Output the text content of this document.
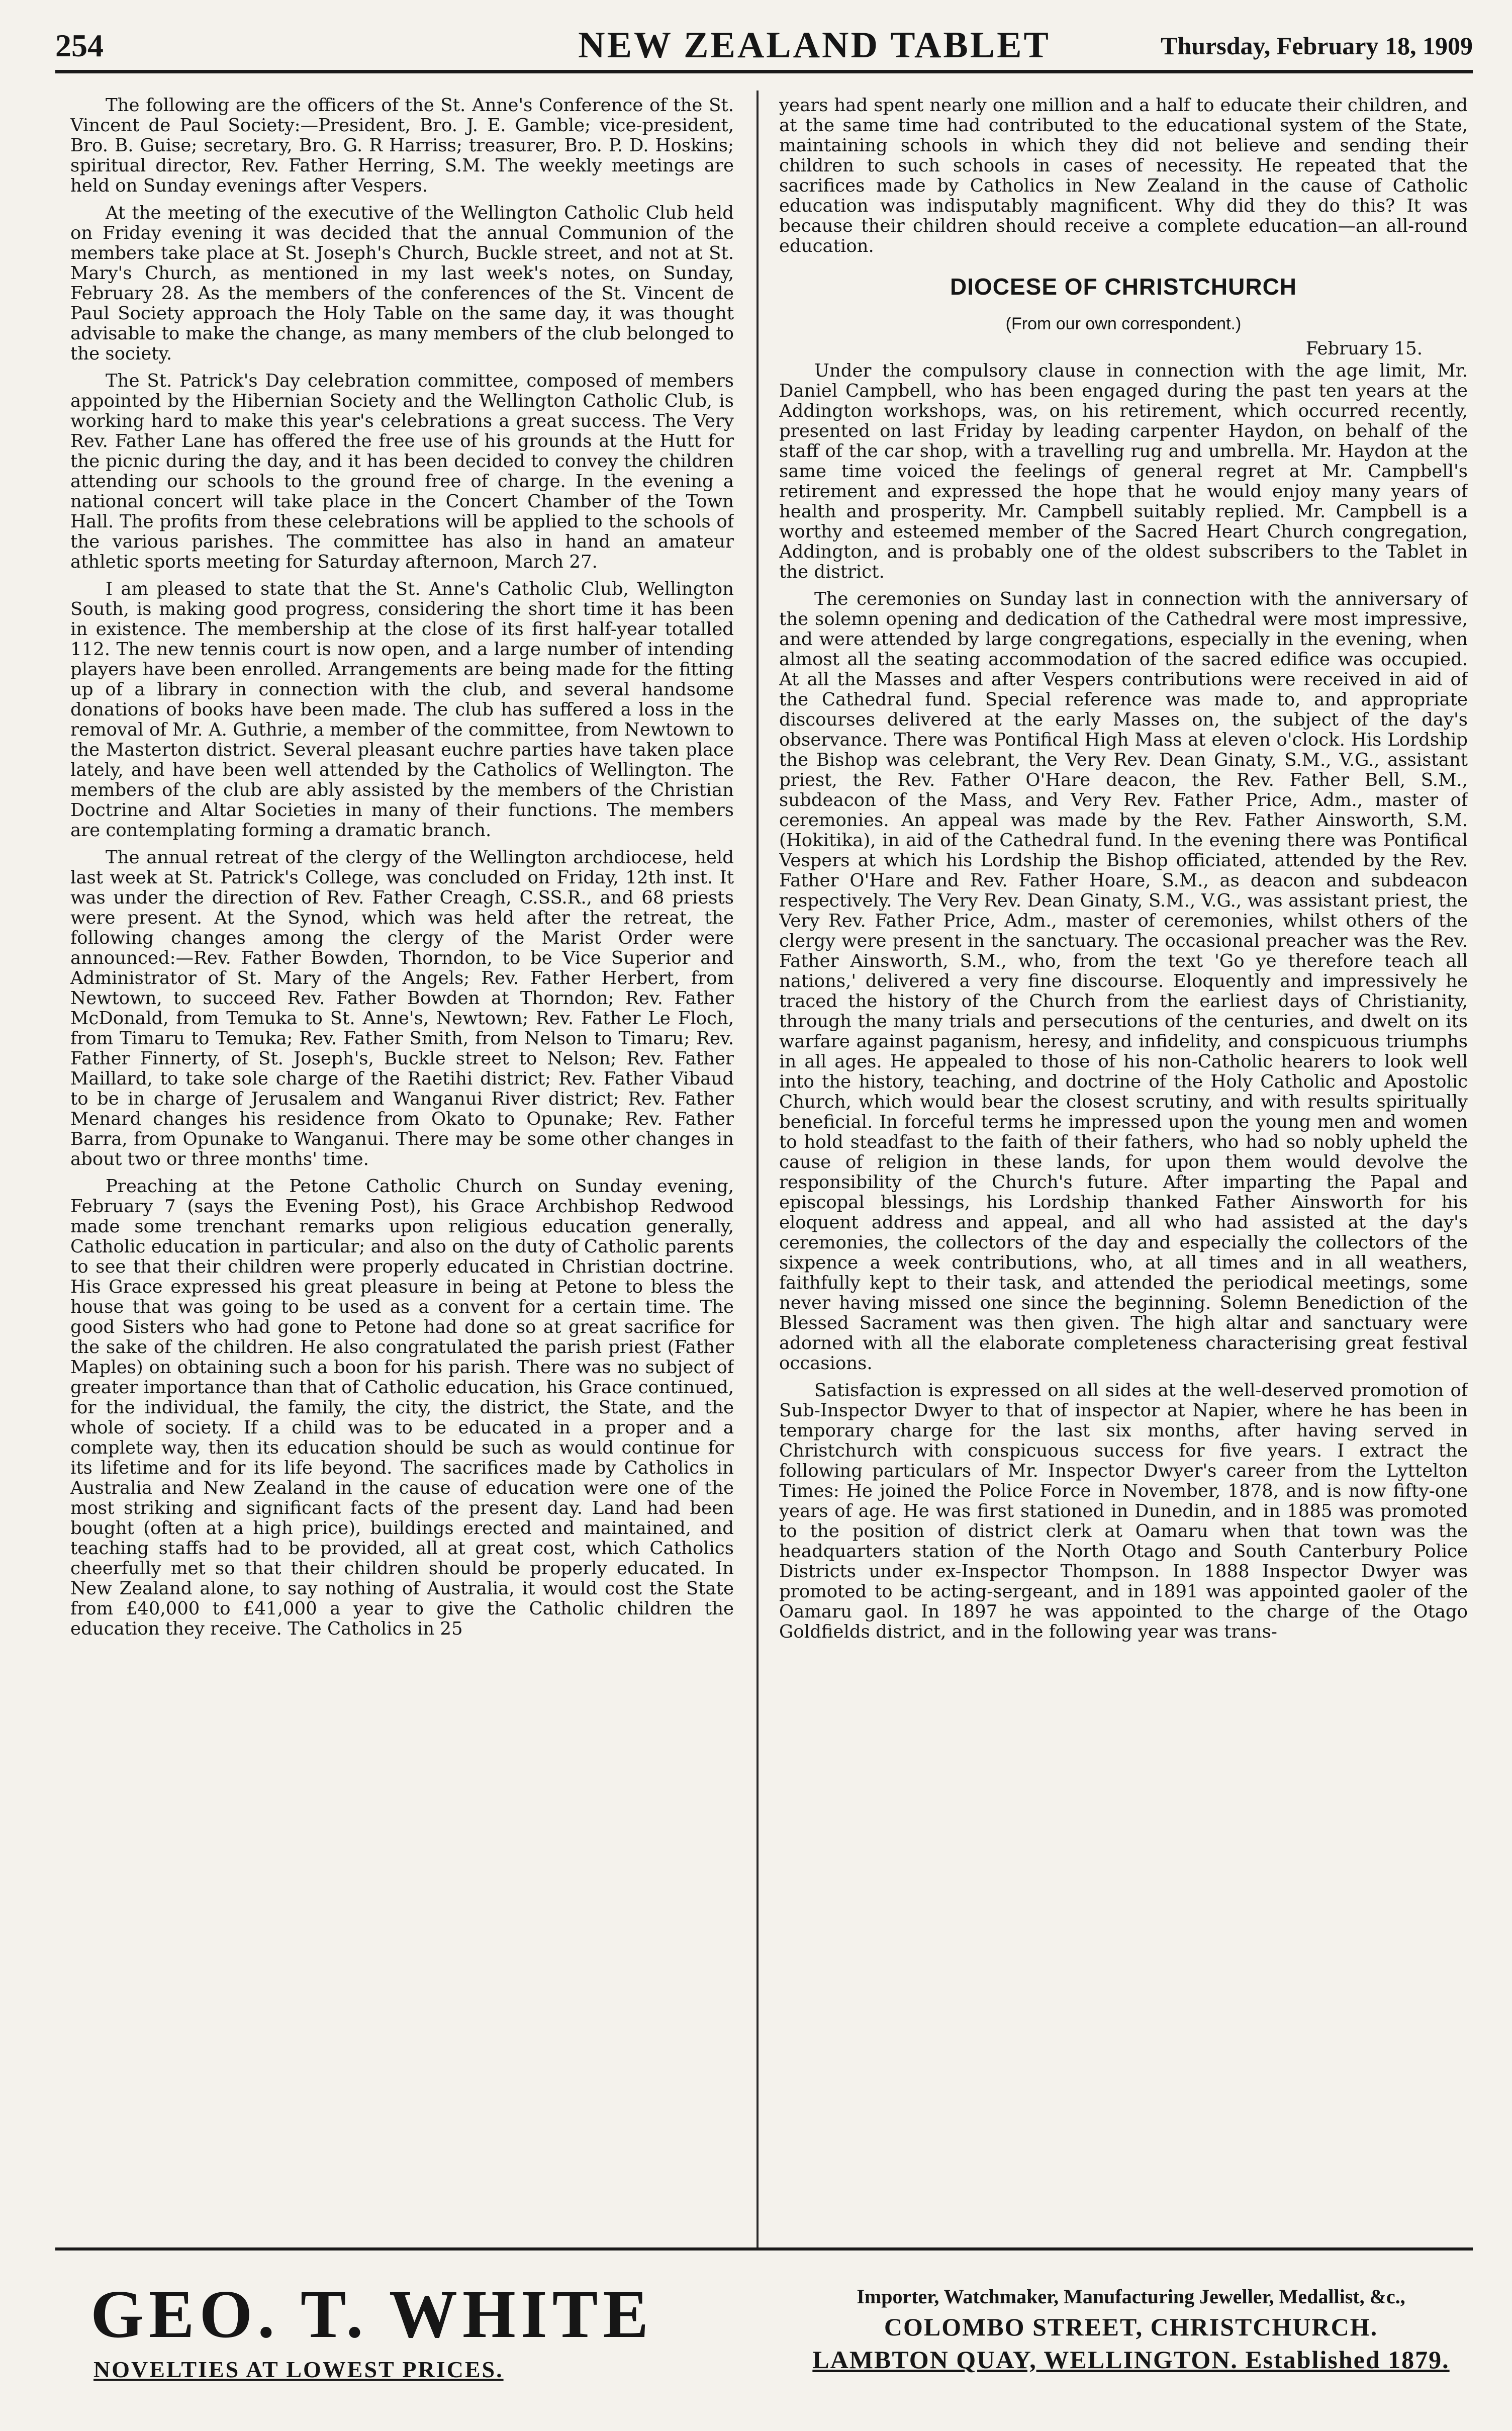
254	NEW ZEALAND TABLET	Thursday, February 18, 1909

The following are the officers of the St. Anne's Conference of the St. Vincent de Paul Society:—President, Bro. J. E. Gamble; vice-president, Bro. B. Guise; secretary, Bro. G. R Harriss; treasurer, Bro. P. D. Hoskins; spiritual director, Rev. Father Herring, S.M. The weekly meetings are held on Sunday evenings after Vespers.

At the meeting of the executive of the Wellington Catholic Club held on Friday evening it was decided that the annual Communion of the members take place at St. Joseph's Church, Buckle street, and not at St. Mary's Church, as mentioned in my last week's notes, on Sunday, February 28. As the members of the conferences of the St. Vincent de Paul Society approach the Holy Table on the same day, it was thought advisable to make the change, as many members of the club belonged to the society.

The St. Patrick's Day celebration committee, composed of members appointed by the Hibernian Society and the Wellington Catholic Club, is working hard to make this year's celebrations a great success. The Very Rev. Father Lane has offered the free use of his grounds at the Hutt for the picnic during the day, and it has been decided to convey the children attending our schools to the ground free of charge. In the evening a national concert will take place in the Concert Chamber of the Town Hall. The profits from these celebrations will be applied to the schools of the various parishes. The committee has also in hand an amateur athletic sports meeting for Saturday afternoon, March 27.

I am pleased to state that the St. Anne's Catholic Club, Wellington South, is making good progress, considering the short time it has been in existence. The membership at the close of its first half-year totalled 112. The new tennis court is now open, and a large number of intending players have been enrolled. Arrangements are being made for the fitting up of a library in connection with the club, and several handsome donations of books have been made. The club has suffered a loss in the removal of Mr. A. Guthrie, a member of the committee, from Newtown to the Masterton district. Several pleasant euchre parties have taken place lately, and have been well attended by the Catholics of Wellington. The members of the club are ably assisted by the members of the Christian Doctrine and Altar Societies in many of their functions. The members are contemplating forming a dramatic branch.

The annual retreat of the clergy of the Wellington archdiocese, held last week at St. Patrick's College, was concluded on Friday, 12th inst. It was under the direction of Rev. Father Creagh, C.SS.R., and 68 priests were present. At the Synod, which was held after the retreat, the following changes among the clergy of the Marist Order were announced:—Rev. Father Bowden, Thorndon, to be Vice Superior and Administrator of St. Mary of the Angels; Rev. Father Herbert, from Newtown, to succeed Rev. Father Bowden at Thorndon; Rev. Father McDonald, from Temuka to St. Anne's, Newtown; Rev. Father Le Floch, from Timaru to Temuka; Rev. Father Smith, from Nelson to Timaru; Rev. Father Finnerty, of St. Joseph's, Buckle street to Nelson; Rev. Father Maillard, to take sole charge of the Raetihi district; Rev. Father Vibaud to be in charge of Jerusalem and Wanganui River district; Rev. Father Menard changes his residence from Okato to Opunake; Rev. Father Barra, from Opunake to Wanganui. There may be some other changes in about two or three months' time.

Preaching at the Petone Catholic Church on Sunday evening, February 7 (says the Evening Post), his Grace Archbishop Redwood made some trenchant remarks upon religious education generally, Catholic education in particular; and also on the duty of Catholic parents to see that their children were properly educated in Christian doctrine. His Grace expressed his great pleasure in being at Petone to bless the house that was going to be used as a convent for a certain time. The good Sisters who had gone to Petone had done so at great sacrifice for the sake of the children. He also congratulated the parish priest (Father Maples) on obtaining such a boon for his parish. There was no subject of greater importance than that of Catholic education, his Grace continued, for the individual, the family, the city, the district, the State, and the whole of society. If a child was to be educated in a proper and a complete way, then its education should be such as would continue for its lifetime and for its life beyond. The sacrifices made by Catholics in Australia and New Zealand in the cause of education were one of the most striking and significant facts of the present day. Land had been bought (often at a high price), buildings erected and maintained, and teaching staffs had to be provided, all at great cost, which Catholics cheerfully met so that their children should be properly educated. In New Zealand alone, to say nothing of Australia, it would cost the State from £40,000 to £41,000 a year to give the Catholic children the education they receive. The Catholics in 25

years had spent nearly one million and a half to educate their children, and at the same time had contributed to the educational system of the State, maintaining schools in which they did not believe and sending their children to such schools in cases of necessity. He repeated that the sacrifices made by Catholics in New Zealand in the cause of Catholic education was indisputably magnificent. Why did they do this? It was because their children should receive a complete education—an all-round education.

DIOCESE OF CHRISTCHURCH
(From our own correspondent.)
February 15.

Under the compulsory clause in connection with the age limit, Mr. Daniel Campbell, who has been engaged during the past ten years at the Addington workshops, was, on his retirement, which occurred recently, presented on last Friday by leading carpenter Haydon, on behalf of the staff of the car shop, with a travelling rug and umbrella. Mr. Haydon at the same time voiced the feelings of general regret at Mr. Campbell's retirement and expressed the hope that he would enjoy many years of health and prosperity. Mr. Campbell suitably replied. Mr. Campbell is a worthy and esteemed member of the Sacred Heart Church congregation, Addington, and is probably one of the oldest subscribers to the Tablet in the district.

The ceremonies on Sunday last in connection with the anniversary of the solemn opening and dedication of the Cathedral were most impressive, and were attended by large congregations, especially in the evening, when almost all the seating accommodation of the sacred edifice was occupied. At all the Masses and after Vespers contributions were received in aid of the Cathedral fund. Special reference was made to, and appropriate discourses delivered at the early Masses on, the subject of the day's observance. There was Pontifical High Mass at eleven o'clock. His Lordship the Bishop was celebrant, the Very Rev. Dean Ginaty, S.M., V.G., assistant priest, the Rev. Father O'Hare deacon, the Rev. Father Bell, S.M., subdeacon of the Mass, and Very Rev. Father Price, Adm., master of ceremonies. An appeal was made by the Rev. Father Ainsworth, S.M. (Hokitika), in aid of the Cathedral fund. In the evening there was Pontifical Vespers at which his Lordship the Bishop officiated, attended by the Rev. Father O'Hare and Rev. Father Hoare, S.M., as deacon and subdeacon respectively. The Very Rev. Dean Ginaty, S.M., V.G., was assistant priest, the Very Rev. Father Price, Adm., master of ceremonies, whilst others of the clergy were present in the sanctuary. The occasional preacher was the Rev. Father Ainsworth, S.M., who, from the text 'Go ye therefore teach all nations,' delivered a very fine discourse. Eloquently and impressively he traced the history of the Church from the earliest days of Christianity, through the many trials and persecutions of the centuries, and dwelt on its warfare against paganism, heresy, and infidelity, and conspicuous triumphs in all ages. He appealed to those of his non-Catholic hearers to look well into the history, teaching, and doctrine of the Holy Catholic and Apostolic Church, which would bear the closest scrutiny, and with results spiritually beneficial. In forceful terms he impressed upon the young men and women to hold steadfast to the faith of their fathers, who had so nobly upheld the cause of religion in these lands, for upon them would devolve the responsibility of the Church's future. After imparting the Papal and episcopal blessings, his Lordship thanked Father Ainsworth for his eloquent address and appeal, and all who had assisted at the day's ceremonies, the collectors of the day and especially the collectors of the sixpence a week contributions, who, at all times and in all weathers, faithfully kept to their task, and attended the periodical meetings, some never having missed one since the beginning. Solemn Benediction of the Blessed Sacrament was then given. The high altar and sanctuary were adorned with all the elaborate completeness characterising great festival occasions.

Satisfaction is expressed on all sides at the well-deserved promotion of Sub-Inspector Dwyer to that of inspector at Napier, where he has been in temporary charge for the last six months, after having served in Christchurch with conspicuous success for five years. I extract the following particulars of Mr. Inspector Dwyer's career from the Lyttelton Times: He joined the Police Force in November, 1878, and is now fifty-one years of age. He was first stationed in Dunedin, and in 1885 was promoted to the position of district clerk at Oamaru when that town was the headquarters station of the North Otago and South Canterbury Police Districts under ex-Inspector Thompson. In 1888 Inspector Dwyer was promoted to be acting-sergeant, and in 1891 was appointed gaoler of the Oamaru gaol. In 1897 he was appointed to the charge of the Otago Goldfields district, and in the following year was trans-

GEO. T. WHITE
NOVELTIES AT LOWEST PRICES.
Importer, Watchmaker, Manufacturing Jeweller, Medallist, &c.,
COLOMBO STREET, CHRISTCHURCH.
LAMBTON QUAY, WELLINGTON. Established 1879.
